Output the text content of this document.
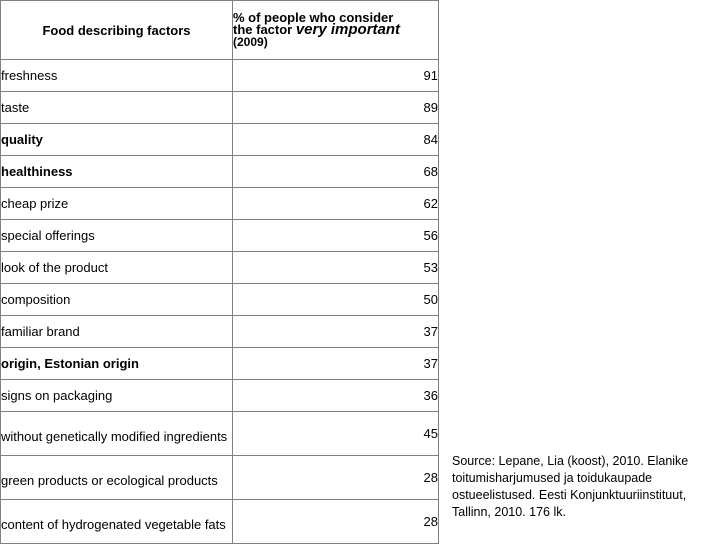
Food describing factors	% of people who consider
the factor very important
(2009)
freshness	91
taste	89
quality	84
healthiness	68
cheap prize	62
special offerings	56
look of the product	53
composition	50
familiar brand	37
origin, Estonian origin	37
signs on packaging	36
without genetically modified ingredients	45
green products or ecological products	28
content of hydrogenated vegetable fats	28
Source: Lepane, Lia (koost), 2010. Elanike toitumisharjumused ja toidukaupade ostueelistused. Eesti Konjunktuuriinstituut, Tallinn, 2010. 176 lk.
